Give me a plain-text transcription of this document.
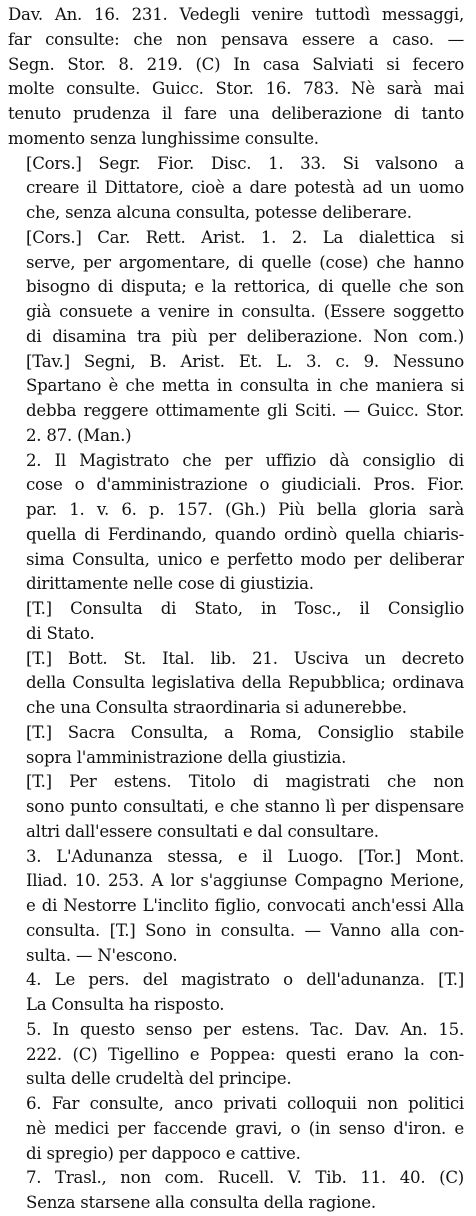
Dav. An. 16. 231. Vedegli venire tuttodì messaggi,
far consulte: che non pensava essere a caso. —
Segn. Stor. 8. 219. (C) In casa Salviati si fecero
molte consulte. Guicc. Stor. 16. 783. Nè sarà mai
tenuto prudenza il fare una deliberazione di tanto
momento senza lunghissime consulte.

[Cors.] Segr. Fior. Disc. 1. 33. Si valsono a
creare il Dittatore, cioè a dare potestà ad un uomo
che, senza alcuna consulta, potesse deliberare.

[Cors.] Car. Rett. Arist. 1. 2. La dialettica si
serve, per argomentare, di quelle (cose) che hanno
bisogno di disputa; e la rettorica, di quelle che son
già consuete a venire in consulta. (Essere soggetto
di disamina tra più per deliberazione. Non com.)
[Tav.] Segni, B. Arist. Et. L. 3. c. 9. Nessuno
Spartano è che metta in consulta in che maniera si
debba reggere ottimamente gli Sciti. — Guicc. Stor.
2. 87. (Man.)

2. Il Magistrato che per uffizio dà consiglio di
cose o d'amministrazione o giudiciali. Pros. Fior.
par. 1. v. 6. p. 157. (Gh.) Più bella gloria sarà
quella di Ferdinando, quando ordinò quella chiaris-
sima Consulta, unico e perfetto modo per deliberar
dirittamente nelle cose di giustizia.

[T.] Consulta di Stato, in Tosc., il Consiglio
di Stato.

[T.] Bott. St. Ital. lib. 21. Usciva un decreto
della Consulta legislativa della Repubblica; ordinava
che una Consulta straordinaria si adunerebbe.

[T.] Sacra Consulta, a Roma, Consiglio stabile
sopra l'amministrazione della giustizia.

[T.] Per estens. Titolo di magistrati che non
sono punto consultati, e che stanno lì per dispensare
altri dall'essere consultati e dal consultare.

3. L'Adunanza stessa, e il Luogo. [Tor.] Mont.
Iliad. 10. 253. A lor s'aggiunse Compagno Merione,
e di Nestorre L'inclito figlio, convocati anch'essi Alla
consulta. [T.] Sono in consulta. — Vanno alla con-
sulta. — N'escono.

4. Le pers. del magistrato o dell'adunanza. [T.]
La Consulta ha risposto.

5. In questo senso per estens. Tac. Dav. An. 15.
222. (C) Tigellino e Poppea: questi erano la con-
sulta delle crudeltà del principe.

6. Far consulte, anco privati colloquii non politici
nè medici per faccende gravi, o (in senso d'iron. e
di spregio) per dappoco e cattive.

7. Trasl., non com. Rucell. V. Tib. 11. 40. (C)
Senza starsene alla consulta della ragione.
